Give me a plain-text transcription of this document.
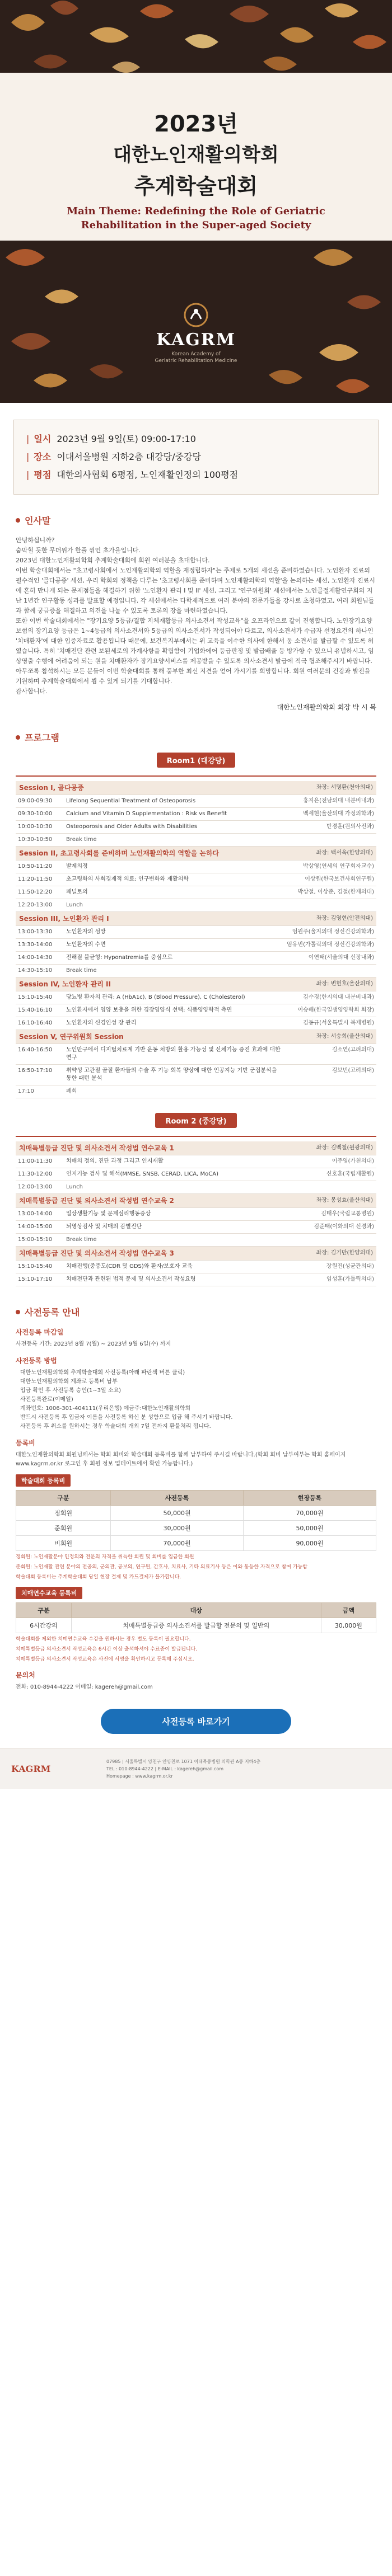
2023년
대한노인재활의학회
추계학술대회
Main Theme: Redefining the Role of Geriatric
Rehabilitation in the Super-aged Society
KAGRM
Korean Academy of
Geriatric Rehabilitation Medicine
| 일시 2023년 9월 9일(토) 09:00-17:10
| 장소 이대서울병원 지하2층 대강당/중강당
| 평점 대한의사협회 6평점, 노인재활인정의 100평점
인사말

안녕하십니까?

숨막힐 듯한 무더위가 한풀 꺾인 초가을입니다.

2023년 대한노인재활의학회 추계학술대회에 회원 여러분을 초대합니다.

이번 학술대회에서는 "초고령사회에서 노인재활의학의 역할을 재정립하자"는 주제로 5개의 세션을 준비하였습니다. 노인환자 진료의 필수적인 '골다공증' 세션, 우리 학회의 정책을 다루는 '초고령사회를 준비하며 노인재활의학의 역할'을 논의하는 세션, 노인환자 진료시에 흔히 만나게 되는 문제점들을 해결하기 위한 '노인환자 관리 I 및 II' 세션, 그리고 '연구위원회' 세션에서는 노인골절재활연구회의 지난 1년간 연구활동 성과를 발표할 예정입니다. 각 세션에서는 다학제적으로 여러 분야의 전문가들을 강사로 초청하였고, 여러 회원님들과 함께 궁금증을 해결하고 의견을 나눌 수 있도록 토론의 장을 마련하였습니다.

또한 이번 학술대회에서는 "장기요양 5등급/결합 지체재활등급 의사소견서 작성교육"을 오프라인으로 같이 진행합니다. 노인장기요양보험의 장기요양 등급은 1~4등급의 의사소견서와 5등급의 의사소견서가 작성되어야 다르고, 의사소견서가 수급자 선정요건의 하나인 '치매환자'에 대한 입증자료로 활용됩니다 때문에, 보건복지부에서는 위 교육을 이수한 의사에 한해서 동 소견서를 발급할 수 있도록 허였습니다. 특히 '치매전단 관련 보된세로의 가계사항을 확립함이 기업화에어 등급판정 및 발급배율 등 방가항 수 있으니 유념하시고, 임상영출 수행에 어려움이 되는 원을 치매환자가 장기요양서비스를 제공받을 수 있도록 의사소견서 발급에 적극 협조해주시기 바랍니다.

아무쪼록 참석하시는 모든 분들이 이번 학술대회를 통해 풍부한 최신 지견을 얻어 가시기를 희망합니다. 회원 여러분의 건강과 발전을 기원하며 추계학술대회에서 뵙 수 있게 되기를 기대합니다.

감사합니다.

대한노인재활의학회 회장 박 시 복
프로그램
Room1 (대강당)
좌장: 서명환(천아의대)
Session I, 골다공증		
09:00-09:30	Lifelong Sequential Treatment of Osteoporosis	홍지은(전남의대 내분비내과)
09:30-10:00	Calcium and Vitamin D Supplementation : Risk vs Benefit	백세현(울산의대 가정의학과)
10:00-10:30	Osteoporosis and Older Adults with Disabilities	반경훈(원의사진과)
10:30-10:50	Break time	

좌장: 백서욱(한양의대)
Session II, 초고령사회를 준비하며 노인재활의학의 역할을 논하다		
10:50-11:20	발제의정	박상영(연세의 연구회자교수)
11:20-11:50	초고령화의 사회경제적 의료: 인구변화와 재활의학	이상원(한국보건사회연구원)
11:50-12:20	패널토의	박상철, 이상준, 김철(한재의대)
12:20-13:00	Lunch	

좌장: 김영현(안전의대)
Session III, 노인환자 관리 I		
13:00-13:30	노인환자의 섬망	엄원주(울지의대 정신건강의학과)
13:30-14:00	노인환자의 수면	엄유빈(가톨릭의대 정신건강의학과)
14:00-14:30	전해질 불균형: Hyponatremia를 중심으로	이연태(서울의대 신장내과)
14:30-15:10	Break time	

좌장: 변헌호(울산의대)
Session IV, 노인환자 관리 II		
15:10-15:40	당뇨병 환자의 관리: A (HbA1c), B (Blood Pressure), C (Cholesterol)	김수경(한지의대 내분비내과)
15:40-16:10	노인환자에서 영양 보충을 위한 경장영양식 선택: 식품영양학적 측면	이승배(한국일생영양학회 회장)
16:10-16:40	노인환자의 신경인성 장 관리	김동규(서울특별시 복제병원)

좌장: 서승희(울산의대)
Session V, 연구위원회 Session		
16:40-16:50	노인만구에서 디지털치료계 기반 운동 처방의 활용 가능성 및 신체기능 증진 효과에 대한 연구	김소연(고려의대)
16:50-17:10	취약성 고관절 골절 환자들의 수술 후 기능 회복 양상에 대한 인공지능 기반 군집분석을 통한 패턴 분석	김보빈(고려의대)
17:10	폐회	
Room 2 (중강당)
좌장: 김백철(원광의대)
치매특별등급 진단 및 의사소견서 작성법 연수교육 1		
11:00-11:30	치매의 정의, 진단 과정 그리고 인지재활	이주영(가천의대)
11:30-12:00	인지기능 검사 및 해석(MMSE, SNSB, CERAD, LICA, MoCA)	신호훈(국립재활원)
12:00-13:00	Lunch	

좌장: 봉성효(울산의대)
치매특별등급 진단 및 의사소견서 작성법 연수교육 2		
13:00-14:00	일상생활기능 및 문제심리행동증상	김태우(국립교통병원)
14:00-15:00	뇌영상검사 및 치매의 감별진단	김준태(이화의대 신경과)
15:00-15:10	Break time	

좌장: 김기만(한양의대)
치매특별등급 진단 및 의사소견서 작성법 연수교육 3		
15:10-15:40	치매진행(중증도(CDR 및 GDS)와 환자/보호자 교육	장원진(성균관의대)
15:10-17:10	치매전단과 관련된 법적 문제 및 의사소견서 작성요령	임성훈(가톨릭의대)
사전등록 안내
사전등록 마감일

사전등록 기간: 2023년 8월 7(월) ~ 2023년 9월 6일(수) 까지

사전등록 방법
대한노인재활의학회 추계학술대회 사전등록(아래 파란색 버튼 클릭)
대한노인재활의학회 계좌로 등록비 납부
입금 확인 후 사전등록 승인(1~3일 소요)
사전등록완료(이메일)
계좌번호: 1006-301-404111(우리은행) 예금주:대한노인재활의학회
반드시 사전등록 후 입금자 이름을 사전등록 하신 분 성함으로 입금 해 주시기 바랍니다.
사전등록 후 취소를 원하시는 경우 학술대회 개최 7일 전까지 환불처리 됩니다.
등록비

대한노인재활의학회 회원님께서는 학회 회비와 학술대회 등록비를 함께 납부하여 주시길 바랍니다.(학회 회비 납부여부는 학회 홈페이지 www.kagrm.or.kr 로그인 후 회원 정보 업데이트에서 확인 가능합니다.)

학술대회 등록비
구분	사전등록	현장등록
정회원	50,000원	70,000원
준회원	30,000원	50,000원
비회원	70,000원	90,000원
정회원: 노인재활분야 인정의와 전문의 자격을 취득한 회원 및 회비를 입금한 회원
준회원: 노인재활 관련 분야의 전공의, 군의관, 공보의, 연구원, 간호사, 치료사, 기타 의료기사 등은 이와 동등한 자격으로 참여 가능함
학술대회 등록비는 추계학술대회 당일 현장 결제 및 카드결제가 불가합니다.
치매연수교육 등록비
구분	대상	금액
6시간강의	치매특별등급증 의사소견서를 발급할 전문의 및 일반의	30,000원
학술대회를 제외한 치매연수교육 수강을 원하시는 경우 별도 등록이 필요합니다.
치매특별등급 의사소견서 작성교육은 6시간 이상 출석하셔야 수료증이 발급됩니다.
치매특별등급 의사소견서 작성교육은 사전에 서명을 확인하시고 등록해 주십시오.
문의처

전화: 010-8944-4222 이메일: kagereh@gmail.com

사전등록 바로가기
KAGRM
07985 | 서울특별시 양천구 안양천로 1071 이대목동병원 의학관 A동 지하4층
TEL : 010-8944-4222 | E-MAIL : kagereh@gmail.com
Homepage : www.kagrm.or.kr
